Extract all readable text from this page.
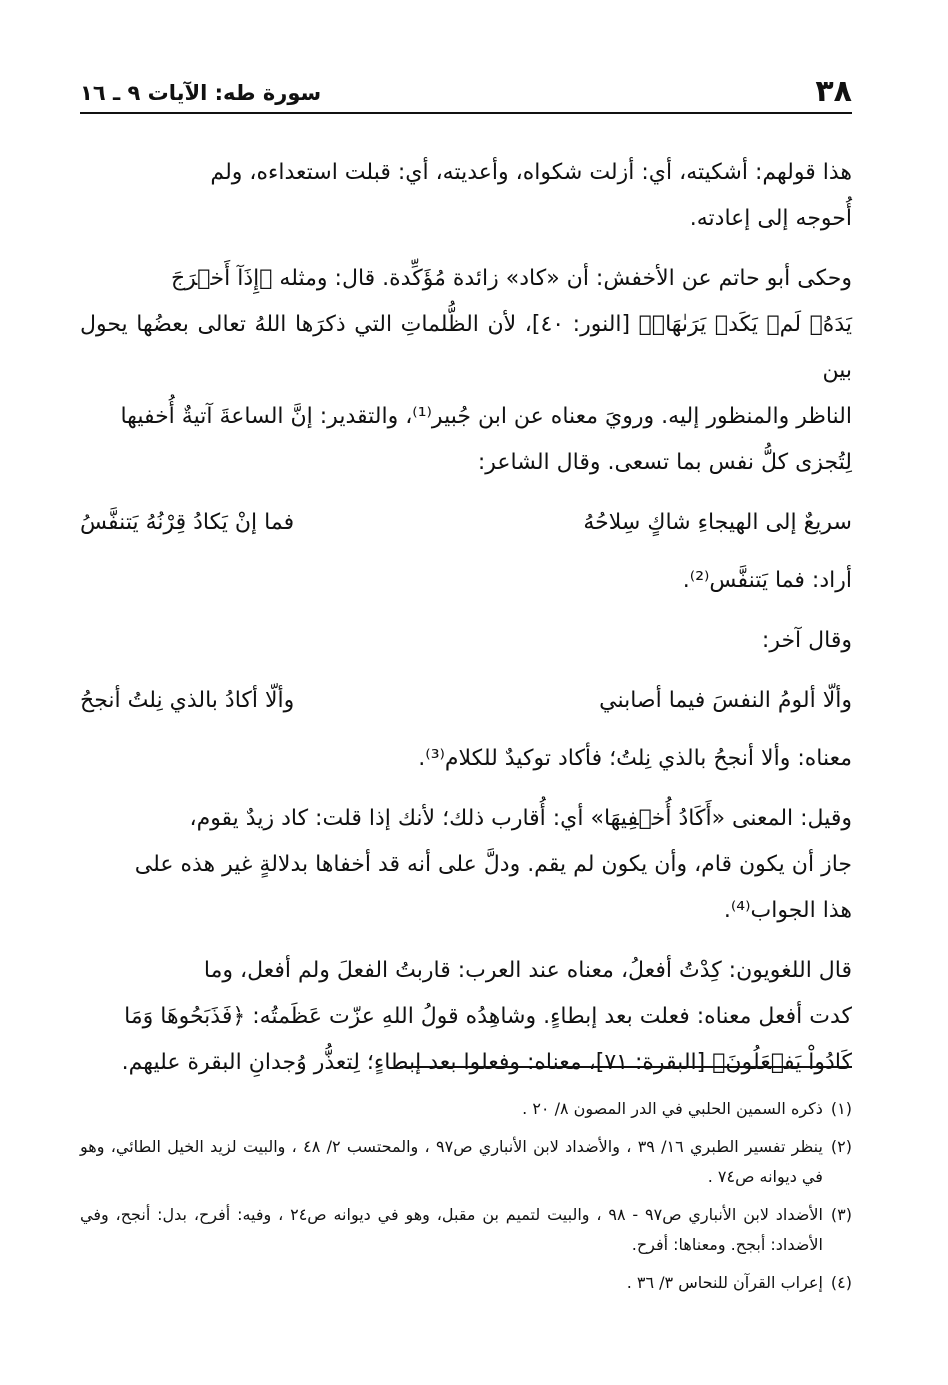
٣٨
سورة طه: الآيات ٩ ـ ١٦

هذا قولهم: أشكيته، أي: أزلت شكواه، وأعديته، أي: قبلت استعداءه، ولم

أُحوجه إلى إعادته.

وحكى أبو حاتم عن الأخفش: أن «كاد» زائدة مُؤَكِّدة. قال: ومثله ﴿إِذَآ أَخۡرَجَ

يَدَهُۥ لَمۡ يَكَدۡ يَرَىٰهَاۗ﴾ [النور: ٤٠]، لأن الظُّلماتِ التي ذكرَها اللهُ تعالى بعضُها يحول بين

الناظر والمنظور إليه. ورويَ معناه عن ابن جُبير⁽¹⁾، والتقدير: إنَّ الساعةَ آتيةٌ أُخفيها

لِتُجزى كلُّ نفس بما تسعى. وقال الشاعر:

سريعٌ إلى الهيجاءِ شاكٍ سِلاحُهُ
فما إنْ يَكادُ قِرْنُهُ يَتنفَّسُ

أراد: فما يَتنفَّس⁽²⁾.

وقال آخر:

وألّا ألومُ النفسَ فيما أصابني
وألّا أكادُ بالذي نِلتُ أنجحُ

معناه: وألا أنجحُ بالذي نِلتُ؛ فأكاد توكيدٌ للكلام⁽³⁾.

وقيل: المعنى «أَكَادُ أُخۡفِيهَا» أي: أُقارب ذلك؛ لأنك إذا قلت: كاد زيدٌ يقوم،

جاز أن يكون قام، وأن يكون لم يقم. ودلَّ على أنه قد أخفاها بدلالةٍ غير هذه على

هذا الجواب⁽⁴⁾.

قال اللغويون: كِدْتُ أفعلُ، معناه عند العرب: قاربتُ الفعلَ ولم أفعل، وما

كدت أفعل معناه: فعلت بعد إبطاءٍ. وشاهِدُه قولُ اللهِ عزّت عَظَمتُه: ﴿فَذَبَحُوهَا وَمَا

كَادُواْ يَفۡعَلُونَ﴾ [البقرة: ٧١]، معناه: وفعلوا بعد إبطاءٍ؛ لِتعذُّر وُجدانِ البقرة عليهم.

(١)
ذكره السمين الحلبي في الدر المصون ٨/ ٢٠ .
(٢)
ينظر تفسير الطبري ١٦/ ٣٩ ، والأضداد لابن الأنباري ص٩٧ ، والمحتسب ٢/ ٤٨ ، والبيت لزيد الخيل الطائي، وهو في ديوانه ص٧٤ .
(٣)
الأضداد لابن الأنباري ص٩٧ - ٩٨ ، والبيت لتميم بن مقبل، وهو في ديوانه ص٢٤ ، وفيه: أفرح، بدل: أنجح، وفي الأضداد: أبجح. ومعناها: أفرح.
(٤)
إعراب القرآن للنحاس ٣/ ٣٦ .
